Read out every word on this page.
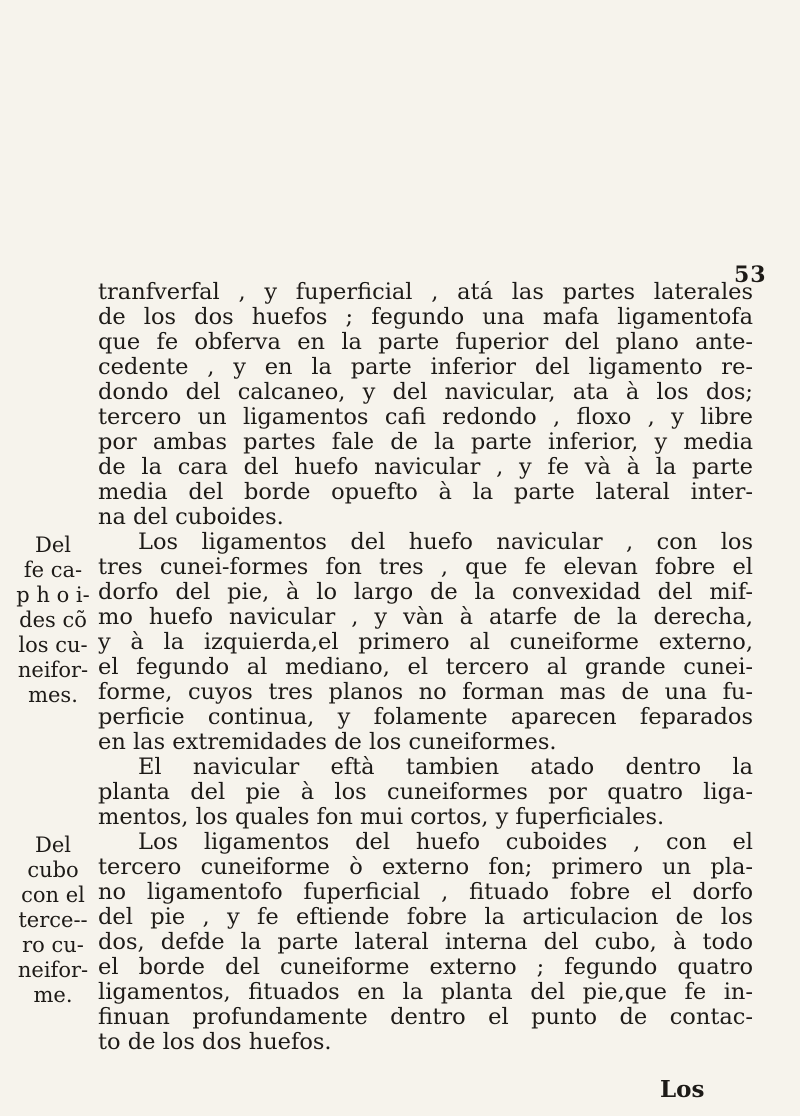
53
tranfverfal , y fuperficial , atá las partes laterales
de los dos huefos ; fegundo una mafa ligamentofa
que fe obferva en la parte fuperior del plano ante-
cedente , y en la parte inferior del ligamento re-
dondo del calcaneo, y del navicular, ata à los dos;
tercero un ligamentos cafi redondo , floxo , y libre
por ambas partes fale de la parte inferior, y media
de la cara del huefo navicular , y fe và à la parte
media del borde opuefto à la parte lateral inter-
na del cuboides.
Los ligamentos del huefo navicular , con los
tres cunei-formes fon tres , que fe elevan fobre el
dorfo del pie, à lo largo de la convexidad del mif-
mo huefo navicular , y vàn à atarfe de la derecha,
y à la izquierda,el primero al cuneiforme externo,
el fegundo al mediano, el tercero al grande cunei-
forme, cuyos tres planos no forman mas de una fu-
perficie continua, y folamente aparecen feparados
en las extremidades de los cuneiformes.
El navicular eftà tambien atado dentro la
planta del pie à los cuneiformes por quatro liga-
mentos, los quales fon mui cortos, y fuperficiales.
Los ligamentos del huefo cuboides , con el
tercero cuneiforme ò externo fon; primero un pla-
no ligamentofo fuperficial , fituado fobre el dorfo
del pie , y fe eftiende fobre la articulacion de los
dos, defde la parte lateral interna del cubo, à todo
el borde del cuneiforme externo ; fegundo quatro
ligamentos, fituados en la planta del pie,que fe in-
finuan profundamente dentro el punto de contac-
to de los dos huefos.
Del
fe ca-
p h o i-
des cõ
los cu-
neifor-
mes.
Del
cubo
con el
terce--
ro cu-
neifor-
me.
Los
